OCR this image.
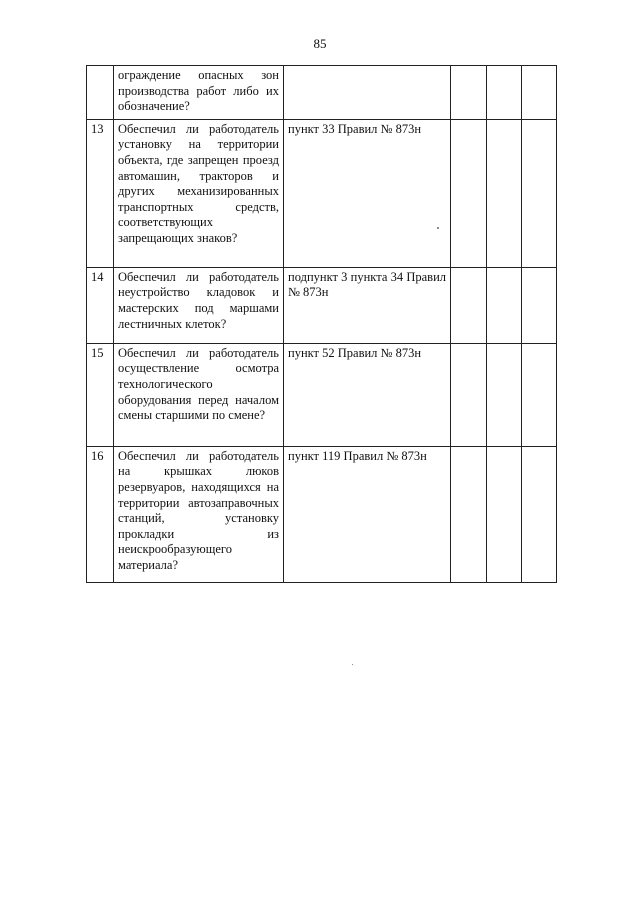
85
	ограждение опасных зон производства работ либо их обозначение?				
13	Обеспечил ли работодатель установку на территории объекта, где запрещен проезд автомашин, тракторов и других механизированных транспортных средств, соответствующих запрещающих знаков?	пункт 33 Правил № 873н			
14	Обеспечил ли работодатель неустройство кладовок и мастерских под маршами лестничных клеток?	подпункт 3 пункта 34 Правил № 873н			
15	Обеспечил ли работодатель осуществление осмотра технологического оборудования перед началом смены старшими по смене?	пункт 52 Правил № 873н			
16	Обеспечил ли работодатель на крышках люков резервуаров, находящихся на территории автозаправочных станций, установку прокладки из неискрообразующего материала?	пункт 119 Правил № 873н			
